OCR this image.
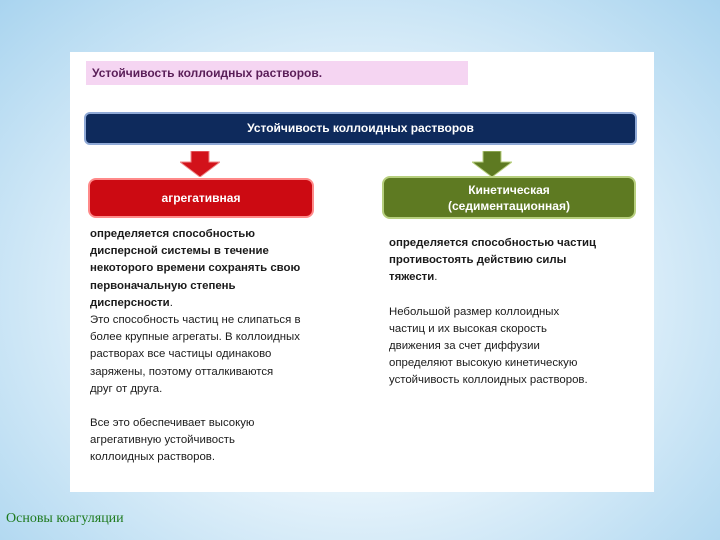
Устойчивость коллоидных растворов.
Устойчивость коллоидных растворов
агрегативная
Кинетическая
(седиментационная)
определяется способностью
дисперсной системы в течение
некоторого времени сохранять свою
первоначальную степень
дисперсности.
Это способность частиц не слипаться в
более крупные агрегаты. В коллоидных
растворах все частицы одинаково
заряжены, поэтому отталкиваются
друг от друга.
Все это обеспечивает высокую
агрегативную устойчивость
коллоидных растворов.
определяется способностью частиц
противостоять действию силы
тяжести.
Небольшой размер коллоидных
частиц и их высокая скорость
движения за счет диффузии
определяют высокую кинетическую
устойчивость коллоидных растворов.
Основы коагуляции
